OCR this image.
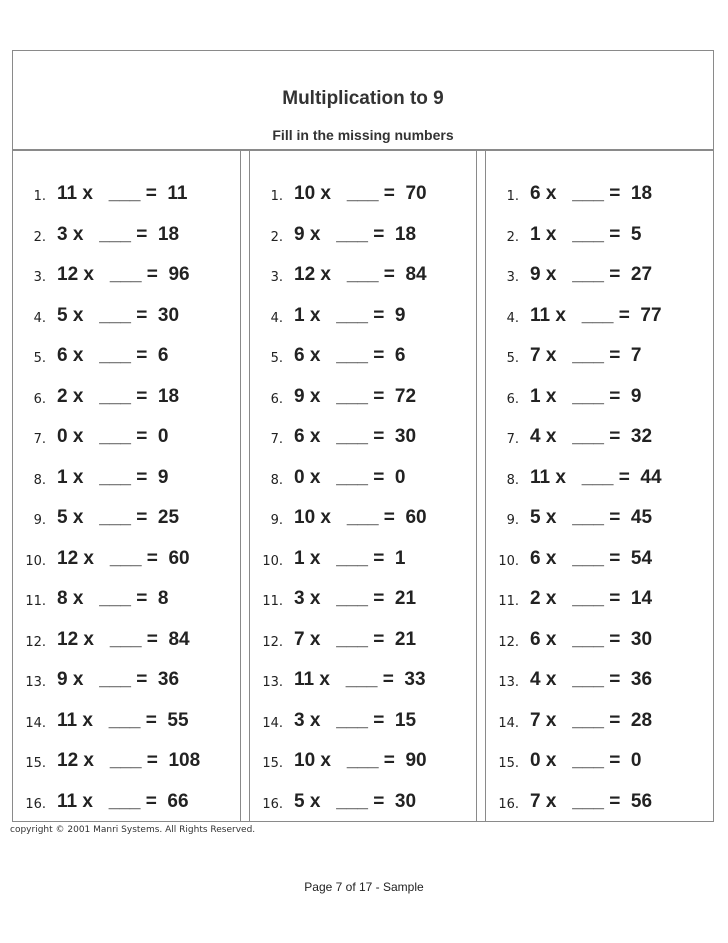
Multiplication to 9
Fill in the missing numbers
1. 11 x   ___ =  11
2. 3 x   ___ =  18
3. 12 x   ___ =  96
4. 5 x   ___ =  30
5. 6 x   ___ =  6
6. 2 x   ___ =  18
7. 0 x   ___ =  0
8. 1 x   ___ =  9
9. 5 x   ___ =  25
10. 12 x   ___ =  60
11. 8 x   ___ =  8
12. 12 x   ___ =  84
13. 9 x   ___ =  36
14. 11 x   ___ =  55
15. 12 x   ___ =  108
16. 11 x   ___ =  66
1. 10 x   ___ =  70
2. 9 x   ___ =  18
3. 12 x   ___ =  84
4. 1 x   ___ =  9
5. 6 x   ___ =  6
6. 9 x   ___ =  72
7. 6 x   ___ =  30
8. 0 x   ___ =  0
9. 10 x   ___ =  60
10. 1 x   ___ =  1
11. 3 x   ___ =  21
12. 7 x   ___ =  21
13. 11 x   ___ =  33
14. 3 x   ___ =  15
15. 10 x   ___ =  90
16. 5 x   ___ =  30
1. 6 x   ___ =  18
2. 1 x   ___ =  5
3. 9 x   ___ =  27
4. 11 x   ___ =  77
5. 7 x   ___ =  7
6. 1 x   ___ =  9
7. 4 x   ___ =  32
8. 11 x   ___ =  44
9. 5 x   ___ =  45
10. 6 x   ___ =  54
11. 2 x   ___ =  14
12. 6 x   ___ =  30
13. 4 x   ___ =  36
14. 7 x   ___ =  28
15. 0 x   ___ =  0
16. 7 x   ___ =  56
copyright © 2001 Manri Systems. All Rights Reserved.
Page 7 of 17 - Sample
